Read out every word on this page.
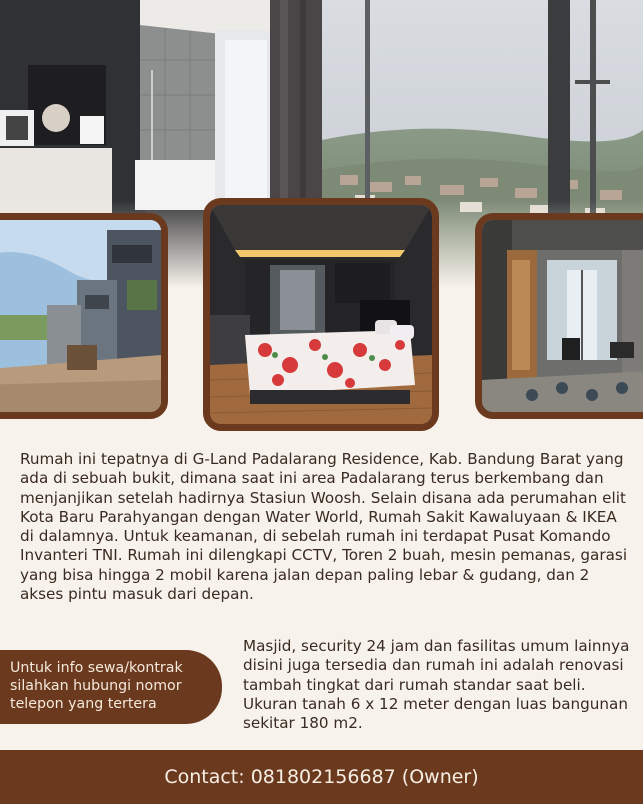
Rumah ini tepatnya di G-Land Padalarang Residence, Kab. Bandung Barat yang ada di sebuah bukit, dimana saat ini area Padalarang terus berkembang dan menjanjikan setelah hadirnya Stasiun Woosh. Selain disana ada perumahan elit Kota Baru Parahyangan dengan Water World, Rumah Sakit Kawaluyaan & IKEA di dalamnya. Untuk keamanan, di sebelah rumah ini terdapat Pusat Komando Invanteri TNI. Rumah ini dilengkapi CCTV, Toren 2 buah, mesin pemanas, garasi yang bisa hingga 2 mobil karena jalan depan paling lebar & gudang, dan 2 akses pintu masuk dari depan.

Untuk info sewa/kontrak silahkan hubungi nomor telepon yang tertera

Masjid, security 24 jam dan fasilitas umum lainnya disini juga tersedia dan rumah ini adalah renovasi tambah tingkat dari rumah standar saat beli. Ukuran tanah 6 x 12 meter dengan luas bangunan sekitar 180 m2.

Contact: 081802156687 (Owner)
